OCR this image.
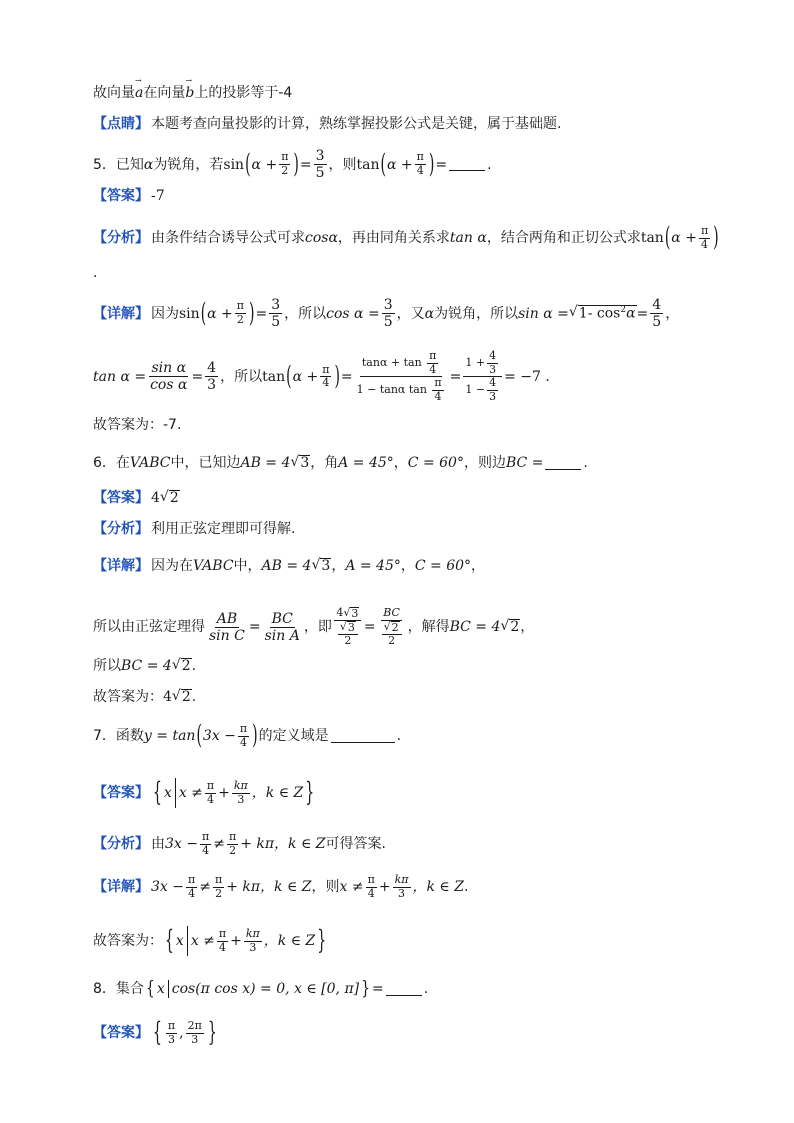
故向量 → a 在向量 → b 上的投影等于-4
【点睛】 本题考查向量投影的计算，熟练掌握投影公式是关键，属于基础题.
5．已知 α 为锐角，若 sin ( $\alpha + \frac{\pi}{2}$ ) = $\frac{3}{5}$ ，则 tan ( $\alpha + \frac{\pi}{4}$ ) =	.
【答案】 -7
【分析】 由条件结合诱导公式可求 cosα ，再由同角关系求 tan α ，结合两角和正切公式求 tan ( $\alpha + \frac{\pi}{4}$ )
.
【详解】 因为 sin ( $\alpha + \frac{\pi}{2}$ ) = $\frac{3}{5}$ ，所以 $\cos \alpha = \frac{3}{5}$ ，又 α 为锐角，所以 sin α = √ 1- $\cos^2\alpha = \frac{4}{5}$ ，
$\tan \alpha = \frac{\text{sin α}}{\text{cos α}} = \frac{4}{3}$ ，所以 tan ( $\alpha + \frac{\pi}{4}$ ) = $\frac{\tan\alpha + \tan \frac{\pi}{4}}{1 - \tan\alpha \tan \frac{\pi}{4}} = \frac{1 + \frac{4}{3}}{1 - \frac{4}{3}} = -7$ .
故答案为：-7.
6．在 VABC 中，已知边 AB = 4 √ 3 ，角 A = 45° ， C = 60° ，则边 BC =	.
【答案】 4 √ 2
【分析】 利用正弦定理即可得解.
【详解】 因为在 VABC 中， AB = 4 √ 3 ， A = 45° ， C = 60° ，
所以由正弦定理得 $\frac{AB}{\text{sin C}} = \frac{BC}{\text{sin A}}$ ，即 $\frac{4√ 3}{\frac{√ 3}{2}} = \frac{BC}{\frac{√ 2}{2}}$ ，解得 BC = 4 √ 2 ，
所以 BC = 4 √ 2 .
故答案为： 4 √ 2 .
7．函数 y = tan ( $3x - \frac{\pi}{4}$ ) 的定义域是	.
【答案】 { x $x \ne \frac{\pi}{4} + \frac{k\pi}{3}$ ，k ∈ Z }
【分析】 由 $3x - \frac{\pi}{4} \ne \frac{\pi}{2} + k\pi$ ，k ∈ Z 可得答案.
【详解】 $3x - \frac{\pi}{4} \ne \frac{\pi}{2} + k\pi$ ，k ∈ Z ，则 $x \ne \frac{\pi}{4} + \frac{k\pi}{3}$ ，k ∈ Z .
故答案为： { x $x \ne \frac{\pi}{4} + \frac{k\pi}{3}$ ，k ∈ Z }
8．集合 { x cos(π cos x) = 0, x ∈ [0, π] } =	.
【答案】 { $\frac{\pi}{3}$ , $\frac{2\pi}{3}$ }
